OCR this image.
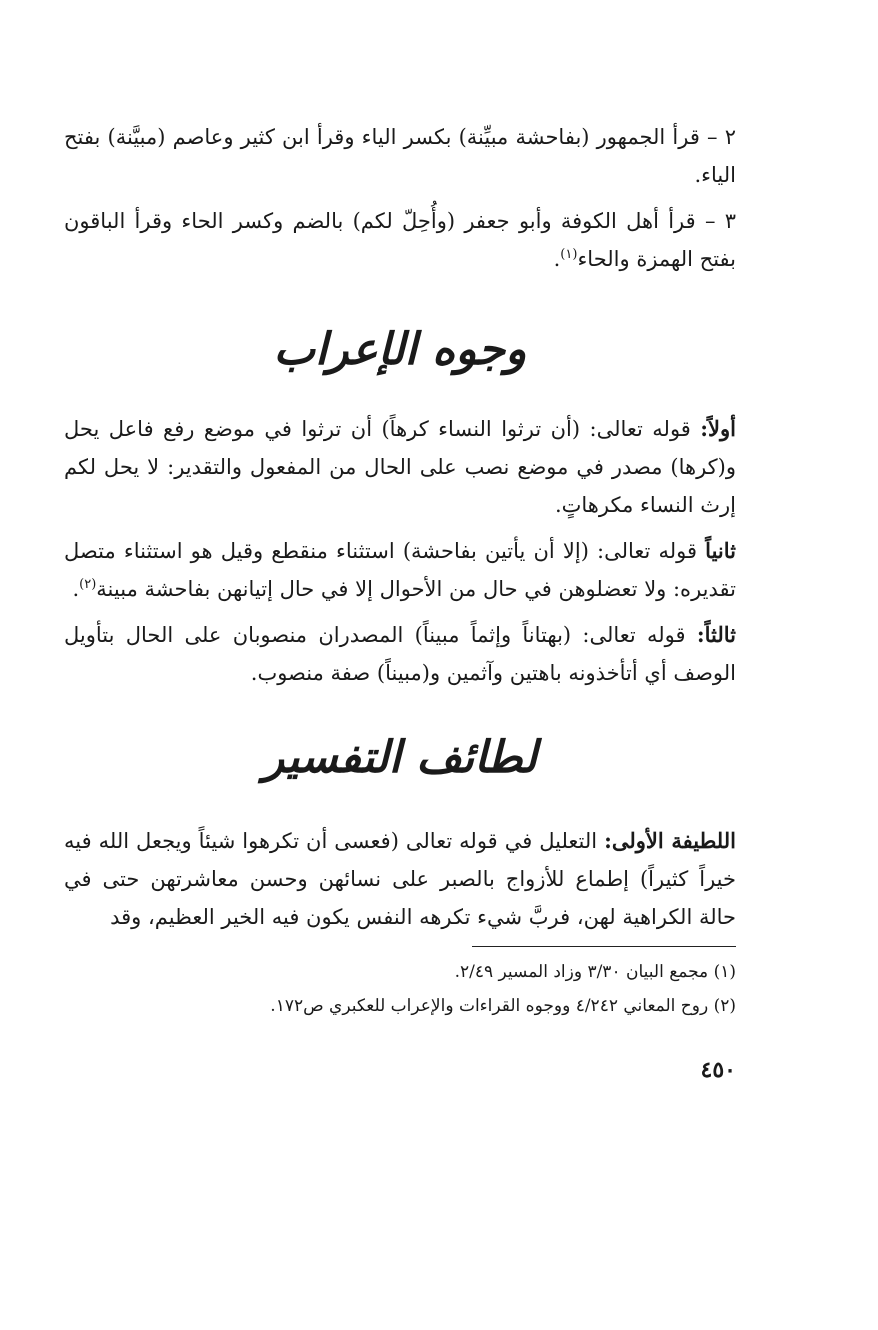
٢ – قرأ الجمهور (بفاحشة مبيِّنة) بكسر الياء وقرأ ابن كثير وعاصم (مبيَّنة) بفتح الياء.

٣ – قرأ أهل الكوفة وأبو جعفر (وأُحِلّ لكم) بالضم وكسر الحاء وقرأ الباقون بفتح الهمزة والحاء$^{(١)}$.

وجوه الإعراب

أولاً: قوله تعالى: (أن ترثوا النساء كرهاً) أن ترثوا في موضع رفع فاعل يحل و(كرها) مصدر في موضع نصب على الحال من المفعول والتقدير: لا يحل لكم إرث النساء مكرهاتٍ.

ثانياً قوله تعالى: (إلا أن يأتين بفاحشة) استثناء منقطع وقيل هو استثناء متصل تقديره: ولا تعضلوهن في حال من الأحوال إلا في حال إتيانهن بفاحشة مبينة$^{(٢)}$.

ثالثاً: قوله تعالى: (بهتاناً وإثماً مبيناً) المصدران منصوبان على الحال بتأويل الوصف أي أتأخذونه باهتين وآثمين و(مبيناً) صفة منصوب.

لطائف التفسير

اللطيفة الأولى: التعليل في قوله تعالى (فعسى أن تكرهوا شيئاً ويجعل الله فيه خيراً كثيراً) إطماع للأزواج بالصبر على نسائهن وحسن معاشرتهن حتى في حالة الكراهية لهن، فربَّ شيء تكرهه النفس يكون فيه الخير العظيم، وقد

(١) مجمع البيان ٣/٣٠ وزاد المسير ٢/٤٩.

(٢) روح المعاني ٤/٢٤٢ ووجوه القراءات والإعراب للعكبري ص١٧٢.

٤٥٠
